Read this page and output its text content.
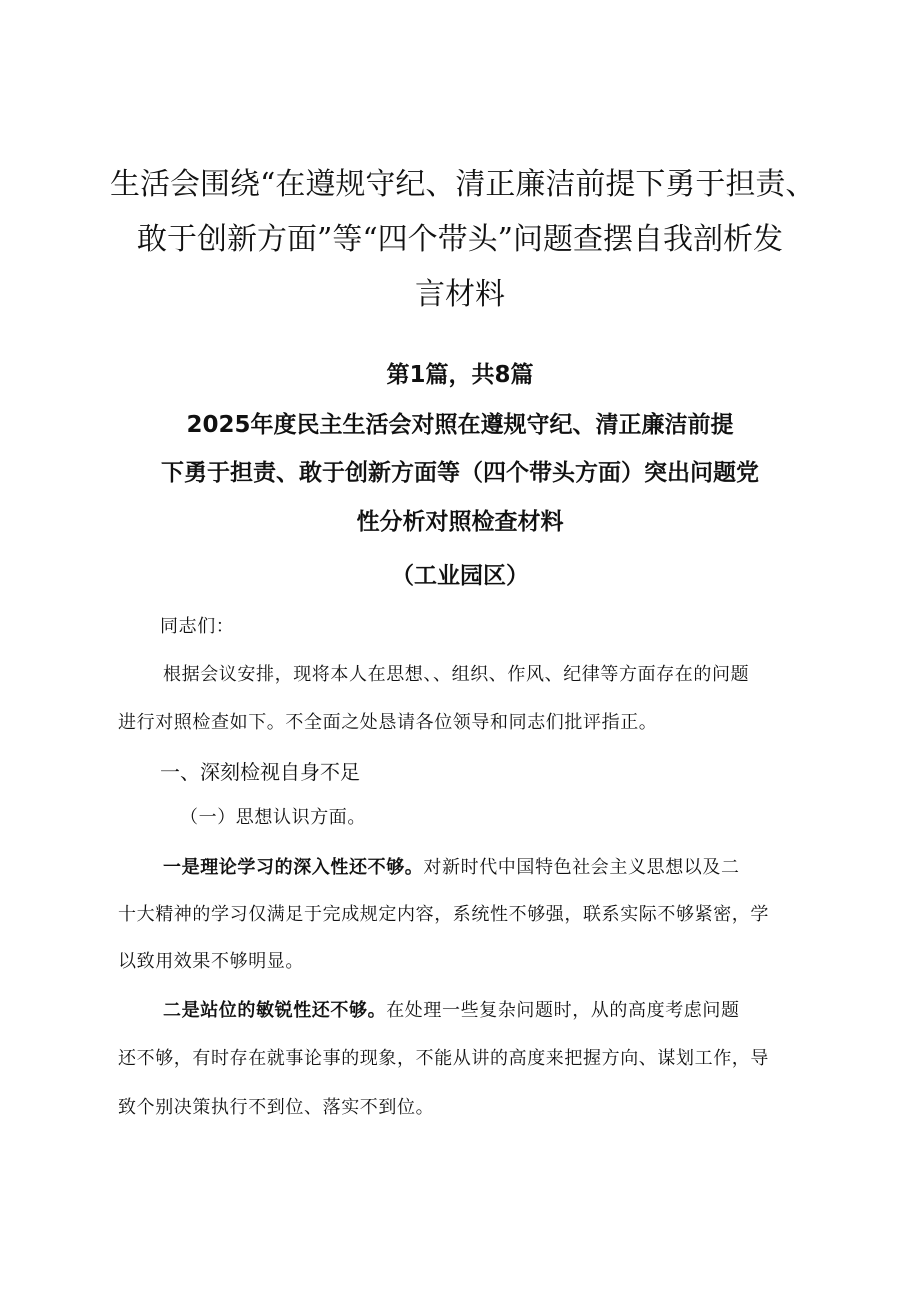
生活会围绕“在遵规守纪、清正廉洁前提下勇于担责、
敢于创新方面”等“四个带头”问题查摆自我剖析发
言材料
第1篇，共8篇
2025年度民主生活会对照在遵规守纪、清正廉洁前提
下勇于担责、敢于创新方面等（四个带头方面）突出问题党
性分析对照检查材料
（工业园区）
同志们：
根据会议安排，现将本人在思想、、组织、作风、纪律等方面存在的问题
进行对照检查如下。不全面之处恳请各位领导和同志们批评指正。
一、深刻检视自身不足
（一）思想认识方面。
一是理论学习的深入性还不够。对新时代中国特色社会主义思想以及二
十大精神的学习仅满足于完成规定内容，系统性不够强，联系实际不够紧密，学
以致用效果不够明显。
二是站位的敏锐性还不够。在处理一些复杂问题时，从的高度考虑问题
还不够，有时存在就事论事的现象，不能从讲的高度来把握方向、谋划工作，导
致个别决策执行不到位、落实不到位。
